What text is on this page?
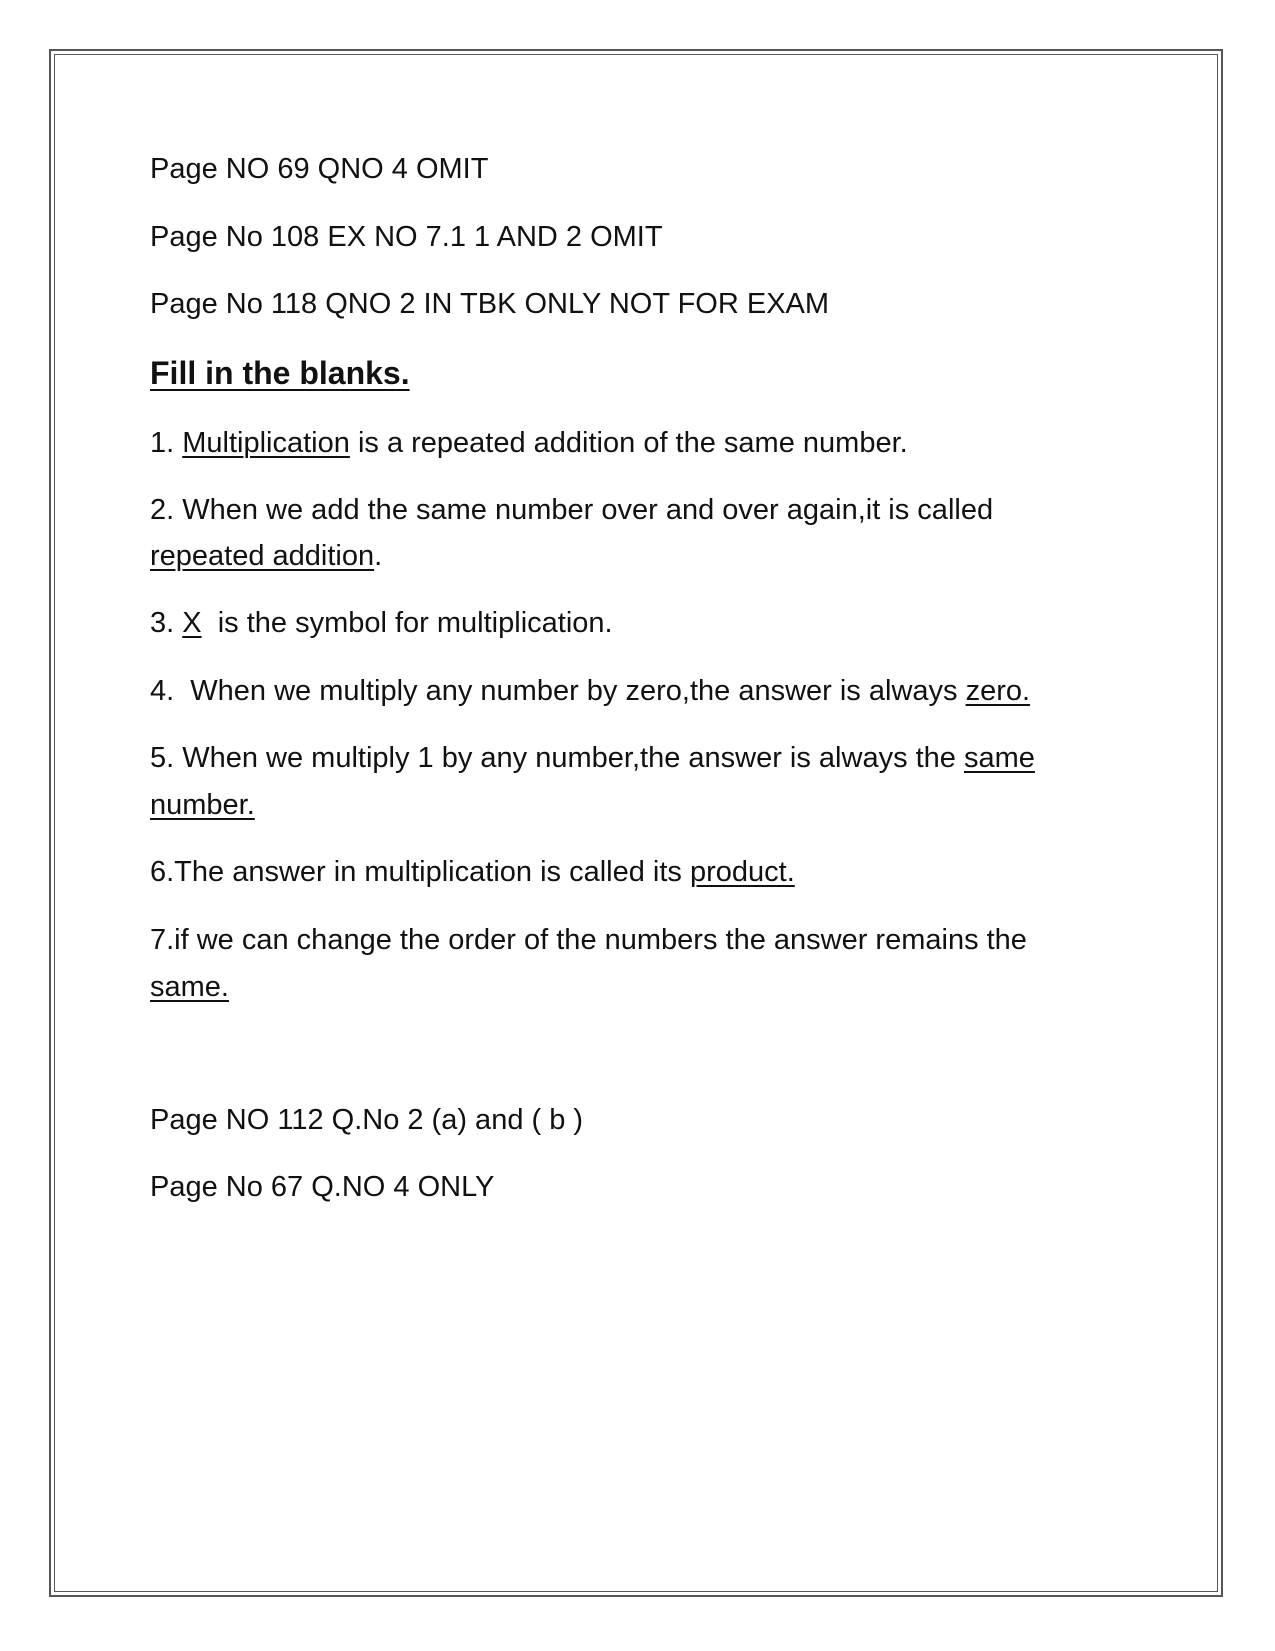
Page NO 69 QNO 4 OMIT
Page No 108 EX NO 7.1 1 AND 2 OMIT
Page No 118 QNO 2 IN TBK ONLY NOT FOR EXAM
Fill in the blanks.
1. Multiplication is a repeated addition of the same number.
2. When we add the same number over and over again,it is called
repeated addition.
3. X  is the symbol for multiplication.
4.  When we multiply any number by zero,the answer is always zero.
5. When we multiply 1 by any number,the answer is always the same
number.
6.The answer in multiplication is called its product.
7.if we can change the order of the numbers the answer remains the
same.
Page NO 112 Q.No 2 (a) and ( b )
Page No 67 Q.NO 4 ONLY
